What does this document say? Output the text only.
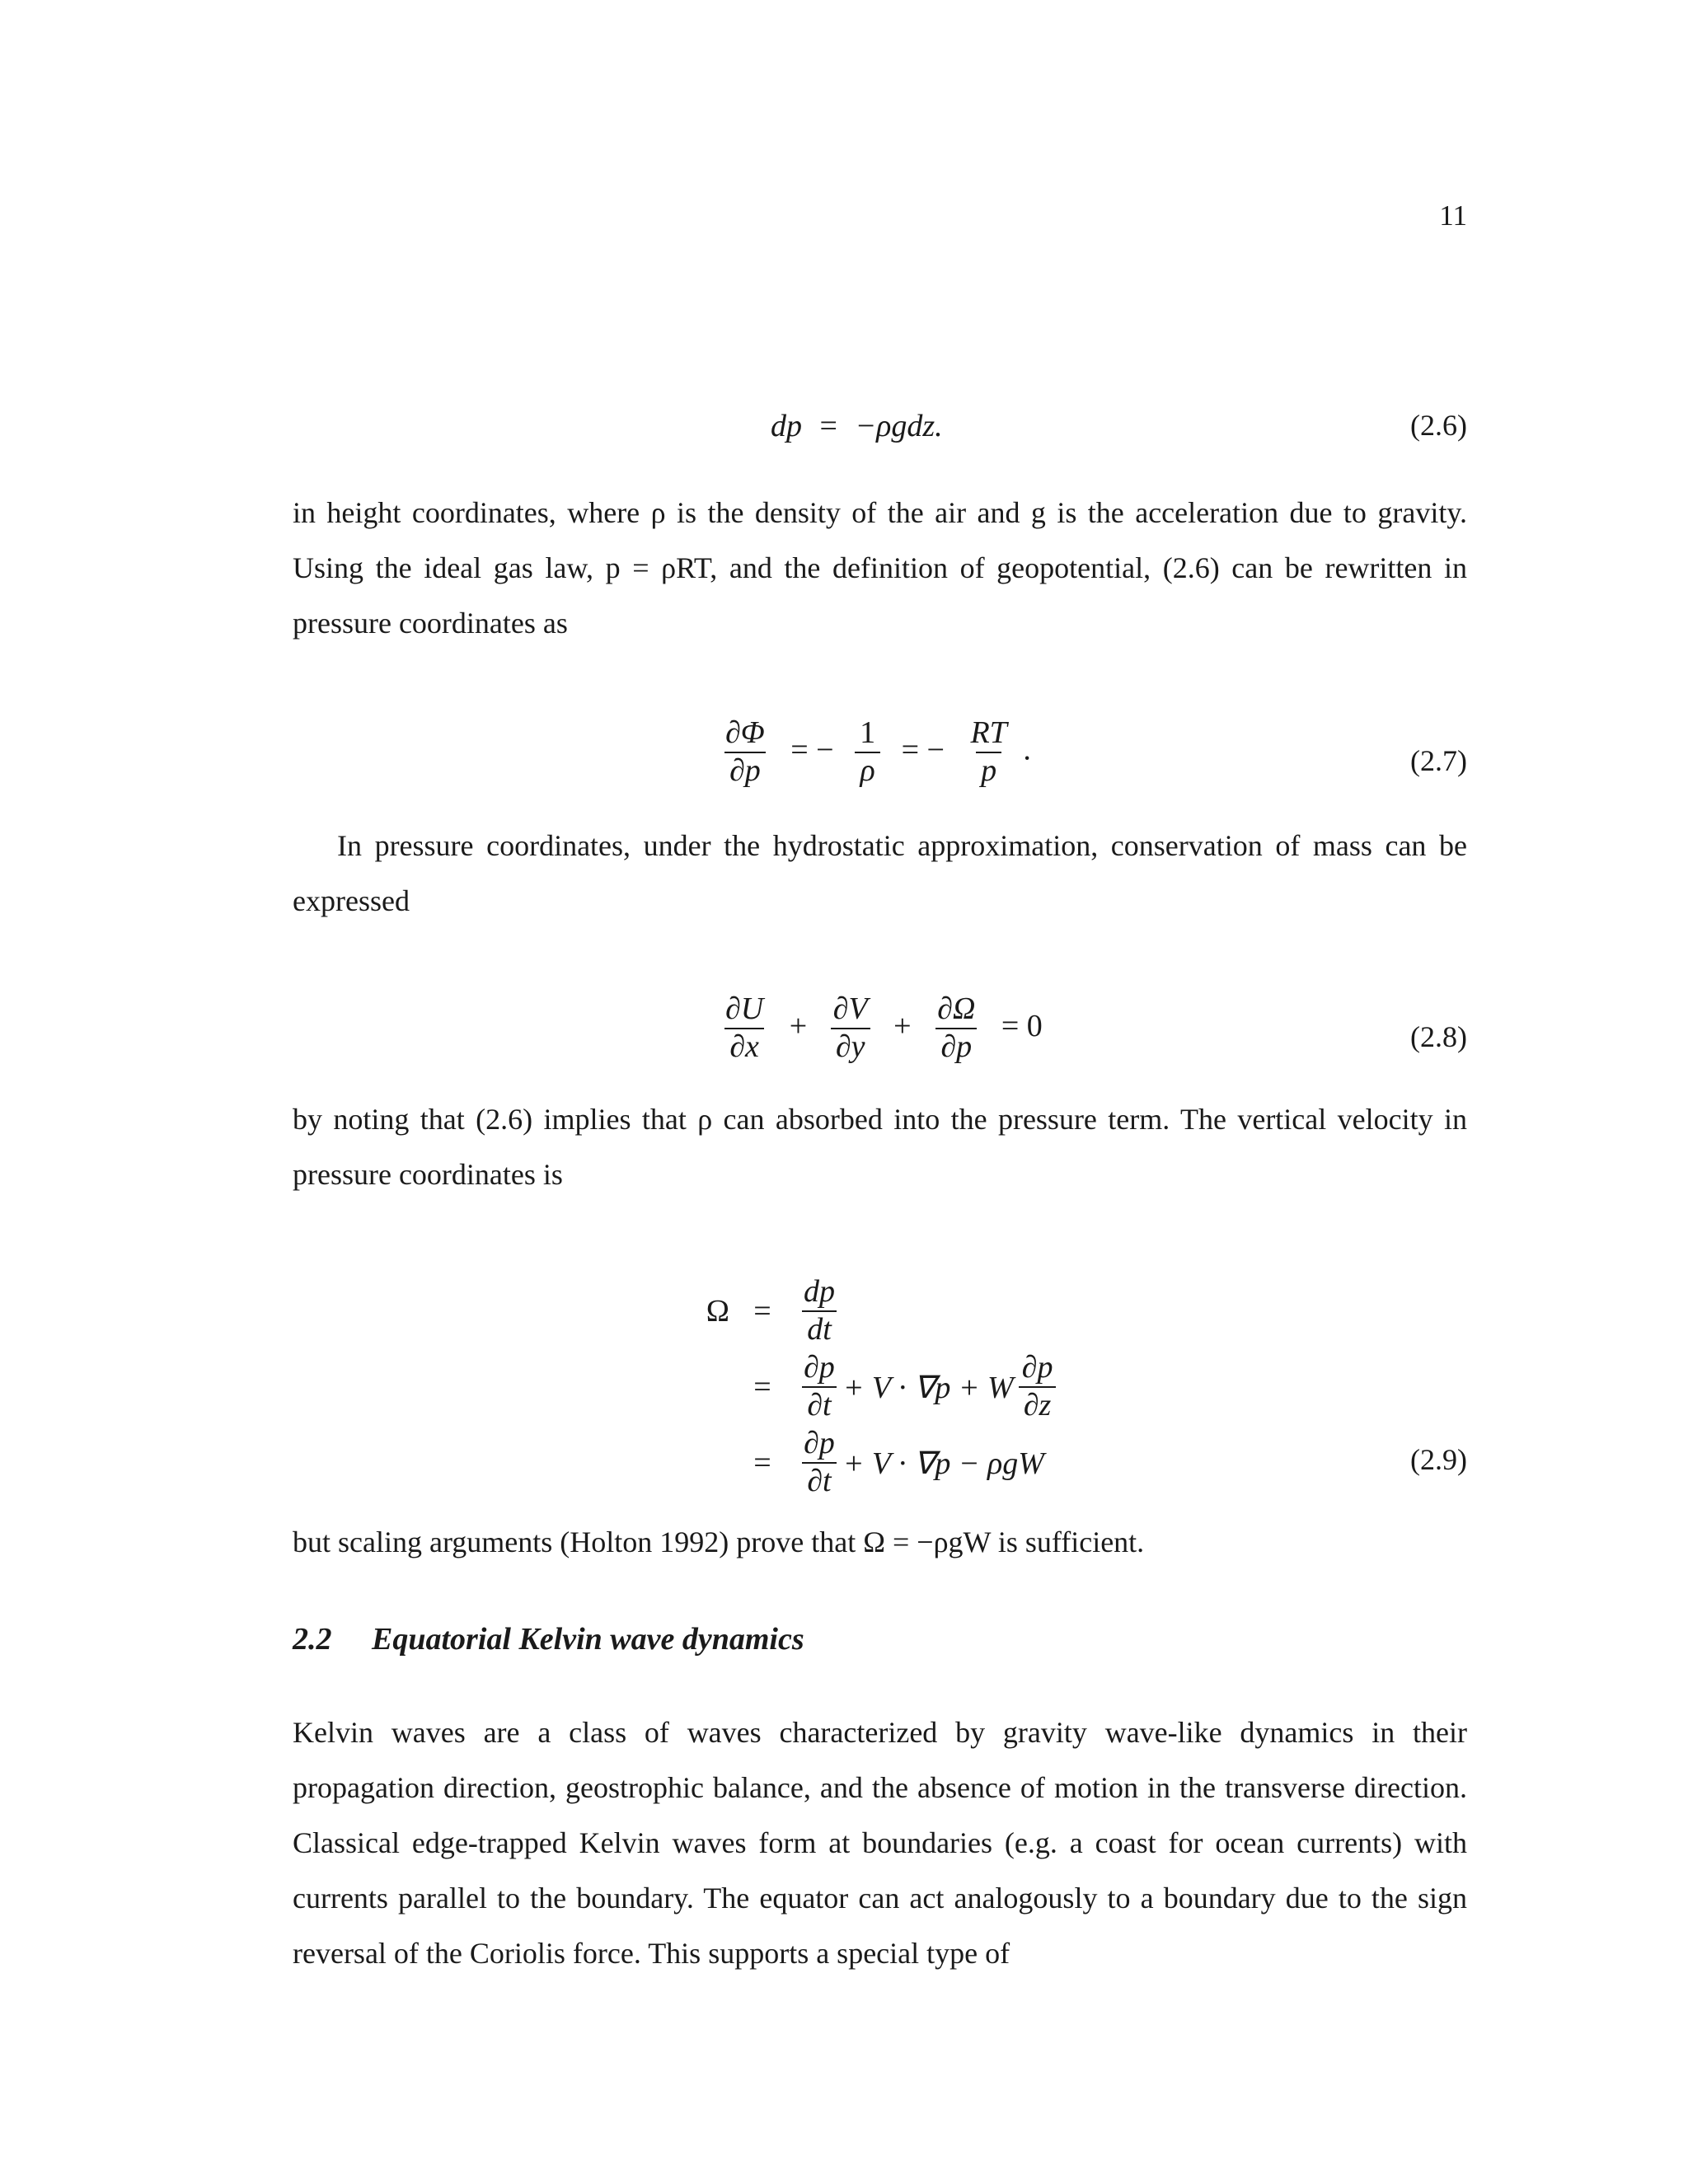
11
dp = −ρgdz.	(2.6)

in height coordinates, where ρ is the density of the air and g is the acceleration due to gravity. Using the ideal gas law, p = ρRT, and the definition of geopotential, (2.6) can be rewritten in pressure coordinates as

$\frac{\partial\Phi}{\partial p}$ = − $\frac{1}{\rho}$ = − $\frac{RT}{p}$ .	(2.7)

In pressure coordinates, under the hydrostatic approximation, conservation of mass can be expressed

$\frac{\partial U}{\partial x} + \frac{\partial V}{\partial y} + \frac{\partial\Omega}{\partial p} = 0$	(2.8)

by noting that (2.6) implies that ρ can absorbed into the pressure term. The vertical velocity in pressure coordinates is

$\Omega = \frac{dp}{dt}$
= $\frac{\partial p}{\partial t} + V \cdot \nabla p + W \frac{\partial p}{\partial z}$
= $\frac{\partial p}{\partial t} + V \cdot \nabla p - \rho gW$	(2.9)

but scaling arguments (Holton 1992) prove that Ω = −ρgW is sufficient.

2.2 Equatorial Kelvin wave dynamics

Kelvin waves are a class of waves characterized by gravity wave-like dynamics in their propagation direction, geostrophic balance, and the absence of motion in the transverse direction. Classical edge-trapped Kelvin waves form at boundaries (e.g. a coast for ocean currents) with currents parallel to the boundary. The equator can act analogously to a boundary due to the sign reversal of the Coriolis force. This supports a special type of
